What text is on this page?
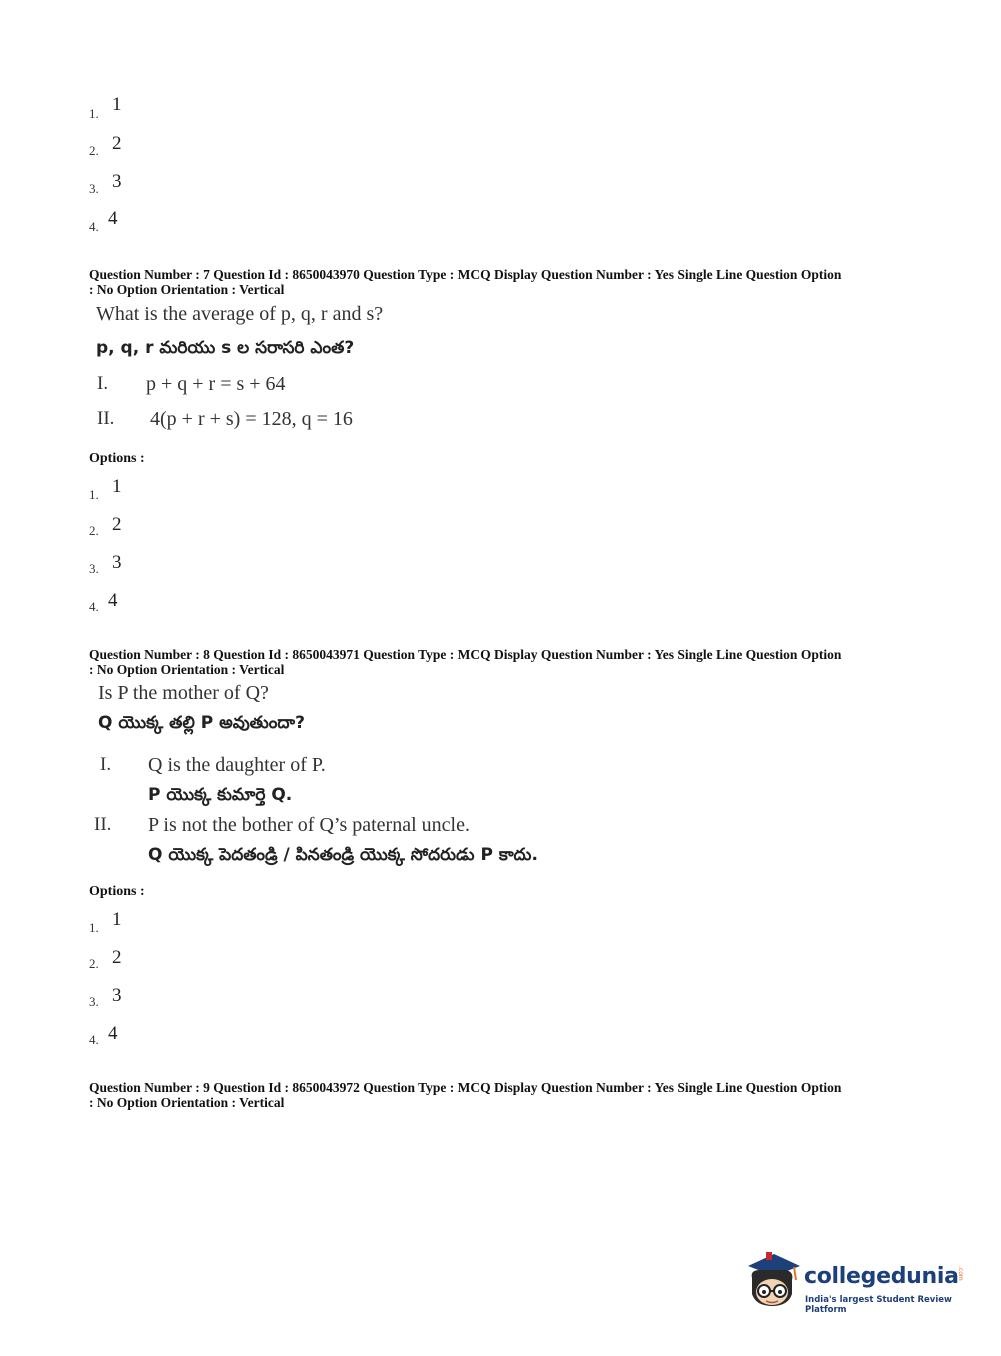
1. 1
2. 2
3. 3
4. 4
Question Number : 7 Question Id : 8650043970 Question Type : MCQ Display Question Number : Yes Single Line Question Option
: No Option Orientation : Vertical
What is the average of p, q, r and s?
p, q, r మరియు s ల సరాసరి ఎంత?
I. p + q + r = s + 64
II. 4(p + r + s) = 128, q = 16
Options :
1. 1
2. 2
3. 3
4. 4
Question Number : 8 Question Id : 8650043971 Question Type : MCQ Display Question Number : Yes Single Line Question Option
: No Option Orientation : Vertical
Is P the mother of Q?
Q యొక్క తల్లి P అవుతుందా?
I. Q is the daughter of P.
P యొక్క కుమార్తె Q.
II. P is not the bother of Q’s paternal uncle.
Q యొక్క పెదతండ్రి / పినతండ్రి యొక్క సోదరుడు P కాదు.
Options :
1. 1
2. 2
3. 3
4. 4
Question Number : 9 Question Id : 8650043972 Question Type : MCQ Display Question Number : Yes Single Line Question Option
: No Option Orientation : Vertical
collegedunia
.com
India's largest Student Review Platform
